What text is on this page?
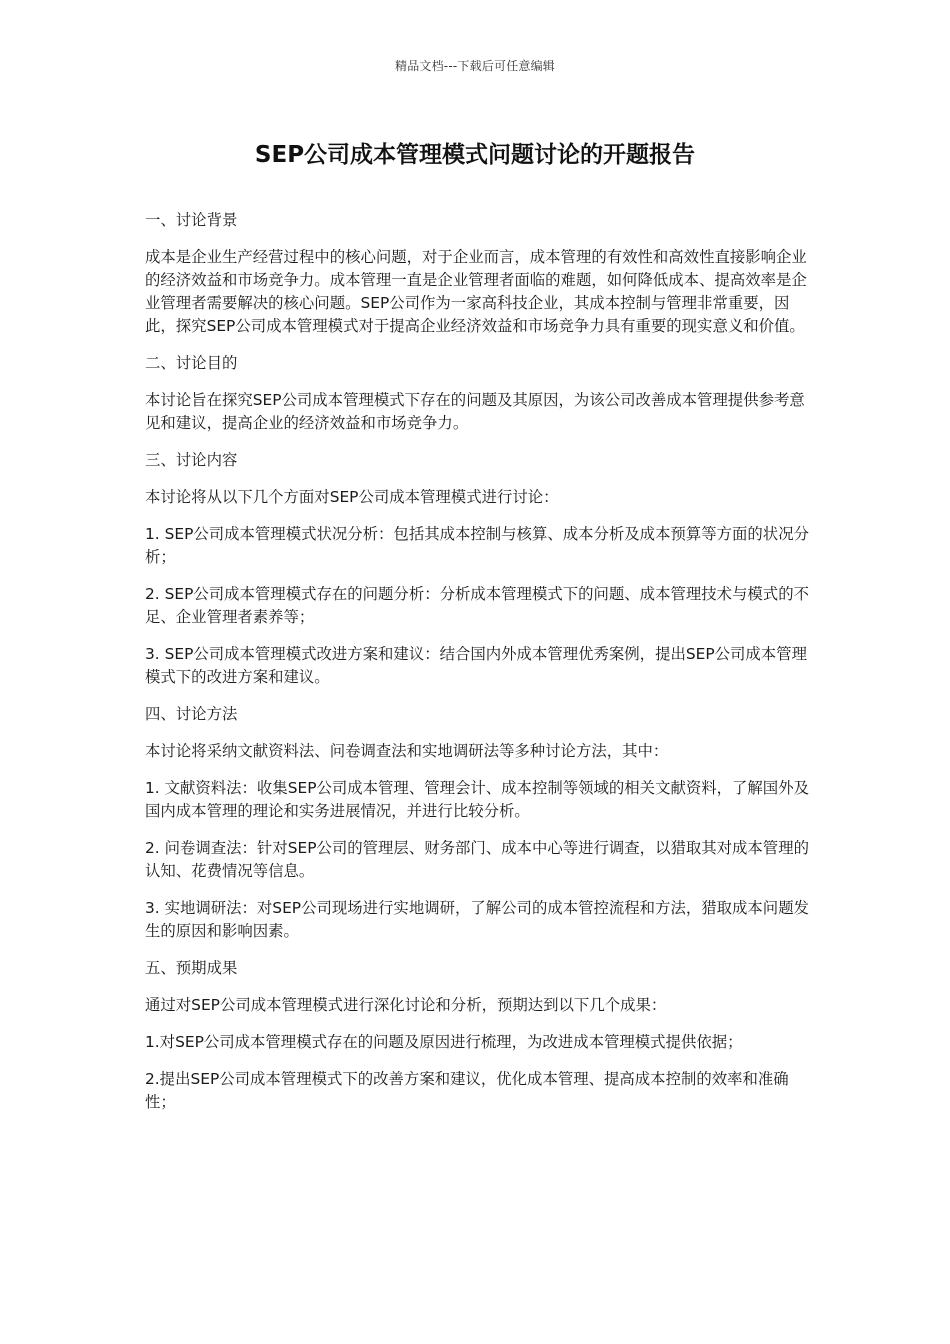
精品文档---下载后可任意编辑
SEP公司成本管理模式问题讨论的开题报告

一、讨论背景

成本是企业生产经营过程中的核心问题，对于企业而言，成本管理的有效性和高效性直接影响企业的经济效益和市场竞争力。成本管理一直是企业管理者面临的难题，如何降低成本、提高效率是企业管理者需要解决的核心问题。SEP公司作为一家高科技企业，其成本控制与管理非常重要，因此，探究SEP公司成本管理模式对于提高企业经济效益和市场竞争力具有重要的现实意义和价值。

二、讨论目的

本讨论旨在探究SEP公司成本管理模式下存在的问题及其原因，为该公司改善成本管理提供参考意见和建议，提高企业的经济效益和市场竞争力。

三、讨论内容

本讨论将从以下几个方面对SEP公司成本管理模式进行讨论：

1. SEP公司成本管理模式状况分析：包括其成本控制与核算、成本分析及成本预算等方面的状况分析；

2. SEP公司成本管理模式存在的问题分析：分析成本管理模式下的问题、成本管理技术与模式的不足、企业管理者素养等；

3. SEP公司成本管理模式改进方案和建议：结合国内外成本管理优秀案例，提出SEP公司成本管理模式下的改进方案和建议。

四、讨论方法

本讨论将采纳文献资料法、问卷调查法和实地调研法等多种讨论方法，其中：

1. 文献资料法：收集SEP公司成本管理、管理会计、成本控制等领域的相关文献资料，了解国外及国内成本管理的理论和实务进展情况，并进行比较分析。

2. 问卷调查法：针对SEP公司的管理层、财务部门、成本中心等进行调查，以猎取其对成本管理的认知、花费情况等信息。

3. 实地调研法：对SEP公司现场进行实地调研，了解公司的成本管控流程和方法，猎取成本问题发生的原因和影响因素。

五、预期成果

通过对SEP公司成本管理模式进行深化讨论和分析，预期达到以下几个成果：

1.对SEP公司成本管理模式存在的问题及原因进行梳理，为改进成本管理模式提供依据；

2.提出SEP公司成本管理模式下的改善方案和建议，优化成本管理、提高成本控制的效率和准确性；
